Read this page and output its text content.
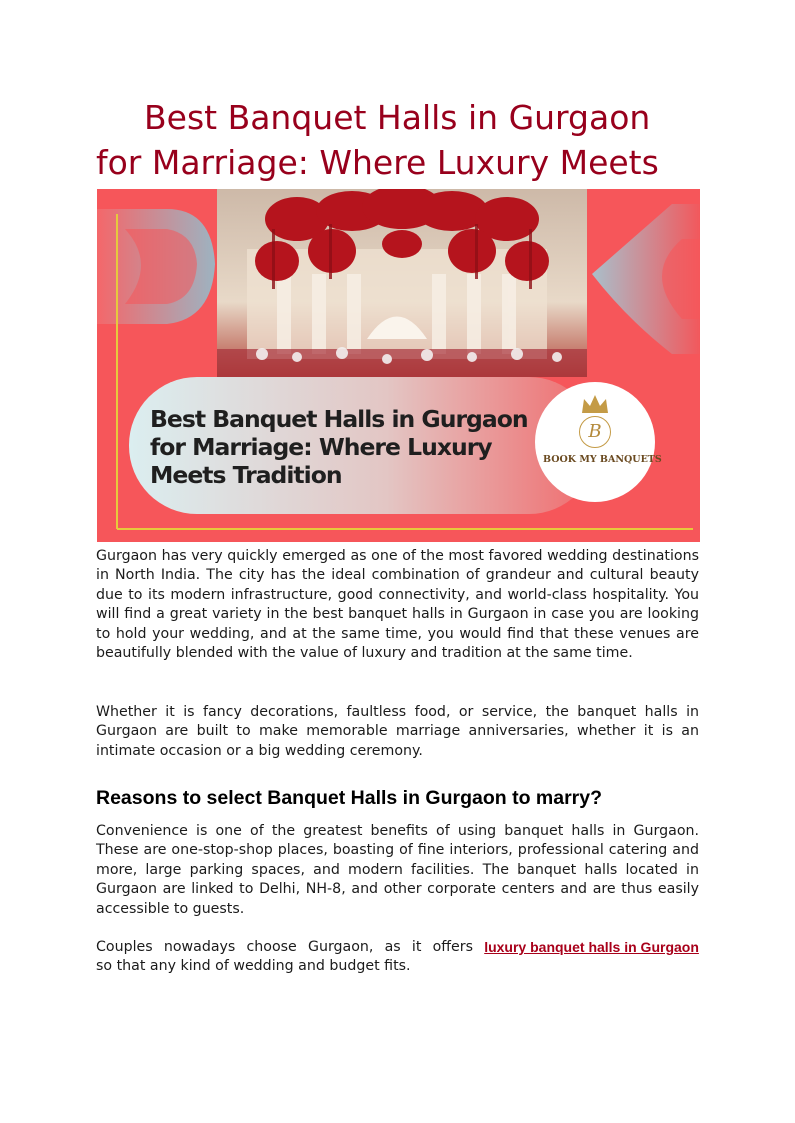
Best Banquet Halls in Gurgaon
for Marriage: Where Luxury Meets
Best Banquet Halls in Gurgaon
for Marriage: Where Luxury
Meets Tradition
B
BOOK MY BANQUETS

Gurgaon has very quickly emerged as one of the most favored wedding destinations in North India. The city has the ideal combination of grandeur and cultural beauty due to its modern infrastructure, good connectivity, and world-class hospitality. You will find a great variety in the best banquet halls in Gurgaon in case you are looking to hold your wedding, and at the same time, you would find that these venues are beautifully blended with the value of luxury and tradition at the same time.

Whether it is fancy decorations, faultless food, or service, the banquet halls in Gurgaon are built to make memorable marriage anniversaries, whether it is an intimate occasion or a big wedding ceremony.

Reasons to select Banquet Halls in Gurgaon to marry?

Convenience is one of the greatest benefits of using banquet halls in Gurgaon. These are one-stop-shop places, boasting of fine interiors, professional catering and more, large parking spaces, and modern facilities. The banquet halls located in Gurgaon are linked to Delhi, NH-8, and other corporate centers and are thus easily accessible to guests.

Couples nowadays choose Gurgaon, as it offers luxury banquet halls in Gurgaon
so that any kind of wedding and budget fits.
